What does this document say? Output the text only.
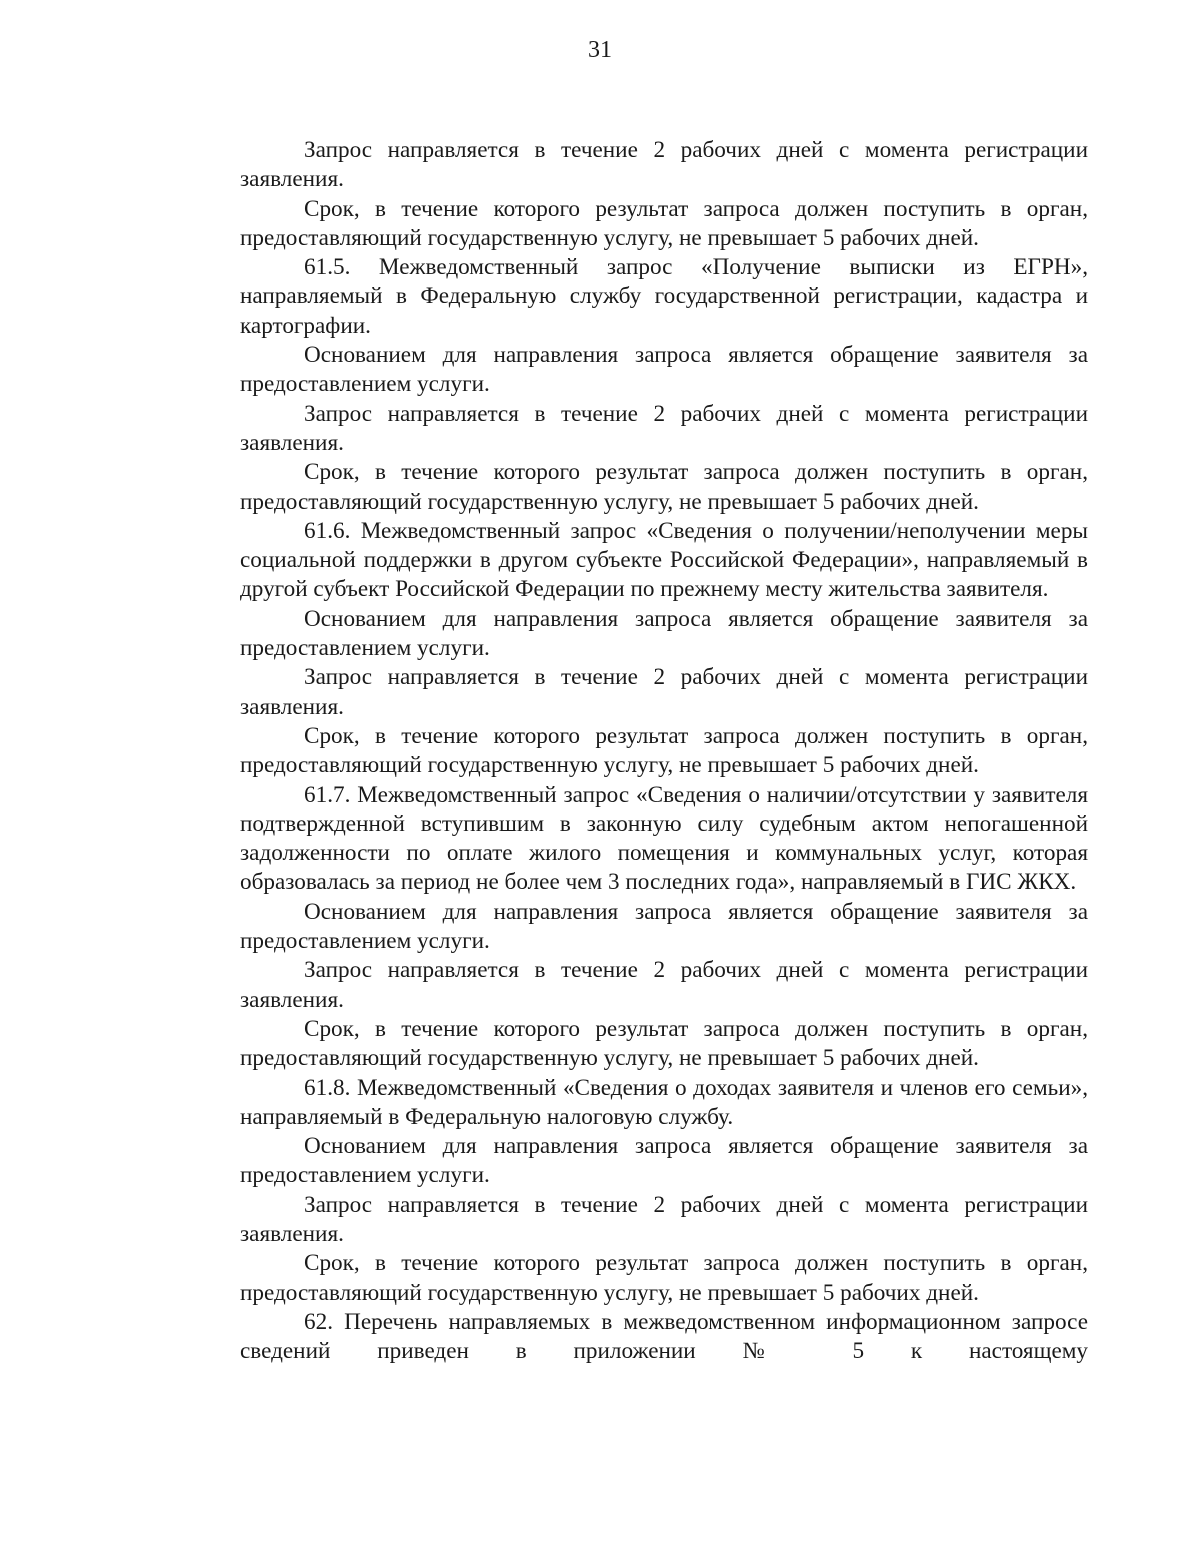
31

Запрос направляется в течение 2 рабочих дней с момента регистрации заявления.

Срок, в течение которого результат запроса должен поступить в орган, предоставляющий государственную услугу, не превышает 5 рабочих дней.

61.5. Межведомственный запрос «Получение выписки из ЕГРН», направляемый в Федеральную службу государственной регистрации, кадастра и картографии.

Основанием для направления запроса является обращение заявителя за предоставлением услуги.

Запрос направляется в течение 2 рабочих дней с момента регистрации заявления.

Срок, в течение которого результат запроса должен поступить в орган, предоставляющий государственную услугу, не превышает 5 рабочих дней.

61.6. Межведомственный запрос «Сведения о получении/неполучении меры социальной поддержки в другом субъекте Российской Федерации», направляемый в другой субъект Российской Федерации по прежнему месту жительства заявителя.

Основанием для направления запроса является обращение заявителя за предоставлением услуги.

Запрос направляется в течение 2 рабочих дней с момента регистрации заявления.

Срок, в течение которого результат запроса должен поступить в орган, предоставляющий государственную услугу, не превышает 5 рабочих дней.

61.7. Межведомственный запрос «Сведения о наличии/отсутствии у заявителя подтвержденной вступившим в законную силу судебным актом непогашенной задолженности по оплате жилого помещения и коммунальных услуг, которая образовалась за период не более чем 3 последних года», направляемый в ГИС ЖКХ.

Основанием для направления запроса является обращение заявителя за предоставлением услуги.

Запрос направляется в течение 2 рабочих дней с момента регистрации заявления.

Срок, в течение которого результат запроса должен поступить в орган, предоставляющий государственную услугу, не превышает 5 рабочих дней.

61.8. Межведомственный «Сведения о доходах заявителя и членов его семьи», направляемый в Федеральную налоговую службу.

Основанием для направления запроса является обращение заявителя за предоставлением услуги.

Запрос направляется в течение 2 рабочих дней с момента регистрации заявления.

Срок, в течение которого результат запроса должен поступить в орган, предоставляющий государственную услугу, не превышает 5 рабочих дней.

62. Перечень направляемых в межведомственном информационном запросе сведений приведен в приложении № 5 к настоящему
